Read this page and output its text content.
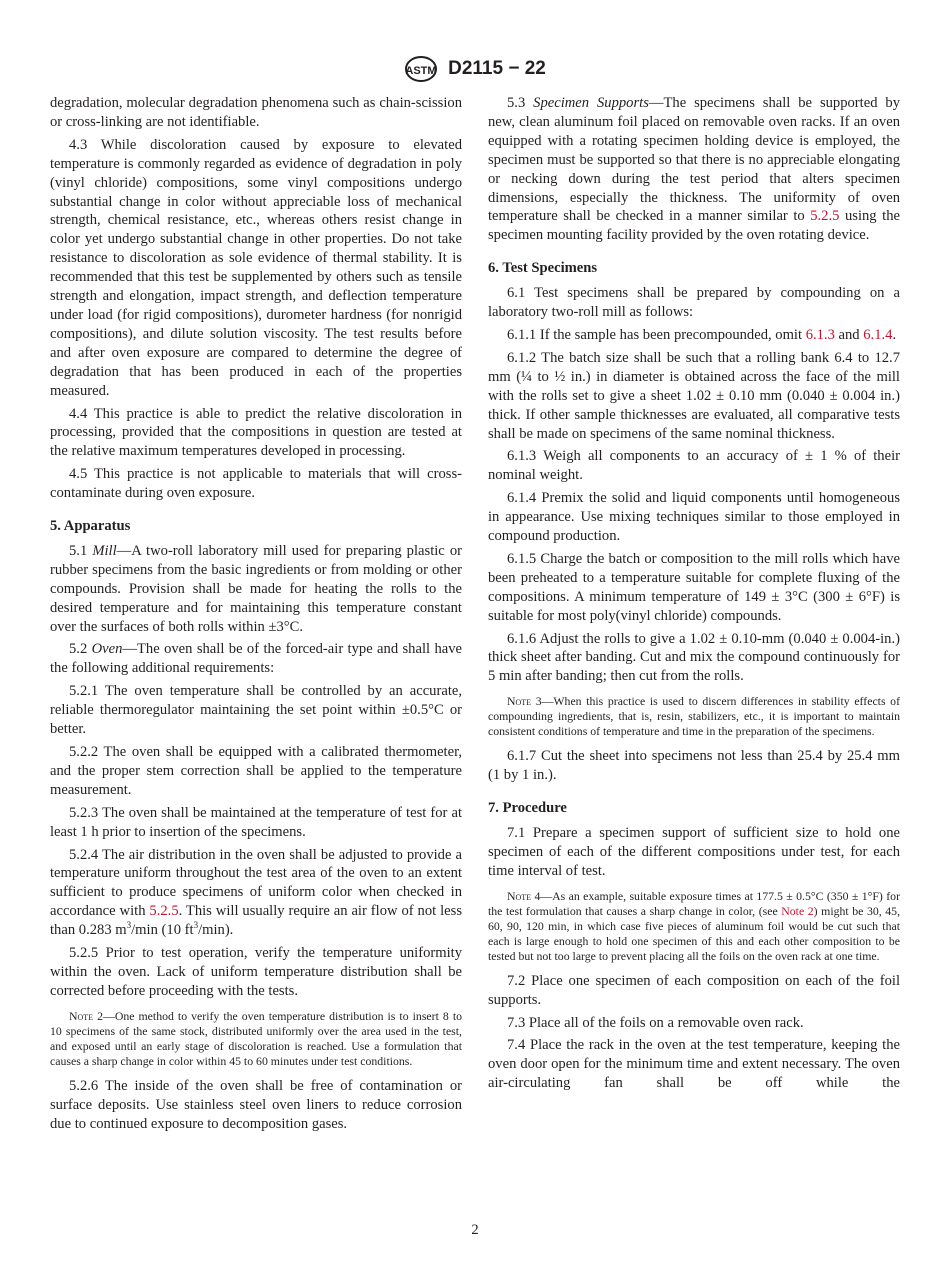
ASTM D2115 − 22
degradation, molecular degradation phenomena such as chain-scission or cross-linking are not identifiable.
4.3 While discoloration caused by exposure to elevated temperature is commonly regarded as evidence of degradation in poly (vinyl chloride) compositions, some vinyl compositions undergo substantial change in color without appreciable loss of mechanical strength, chemical resistance, etc., whereas others resist change in color yet undergo substantial change in other properties. Do not take resistance to discoloration as sole evidence of thermal stability. It is recommended that this test be supplemented by others such as tensile strength and elongation, impact strength, and deflection temperature under load (for rigid compositions), durometer hardness (for nonrigid compositions), and dilute solution viscosity. The test results before and after oven exposure are compared to determine the degree of degradation that has been produced in each of the properties measured.
4.4 This practice is able to predict the relative discoloration in processing, provided that the compositions in question are tested at the relative maximum temperatures developed in processing.
4.5 This practice is not applicable to materials that will cross-contaminate during oven exposure.
5. Apparatus
5.1 Mill—A two-roll laboratory mill used for preparing plastic or rubber specimens from the basic ingredients or from molding or other compounds. Provision shall be made for heating the rolls to the desired temperature and for maintaining this temperature constant over the surfaces of both rolls within ±3°C.
5.2 Oven—The oven shall be of the forced-air type and shall have the following additional requirements:
5.2.1 The oven temperature shall be controlled by an accurate, reliable thermoregulator maintaining the set point within ±0.5°C or better.
5.2.2 The oven shall be equipped with a calibrated thermometer, and the proper stem correction shall be applied to the temperature measurement.
5.2.3 The oven shall be maintained at the temperature of test for at least 1 h prior to insertion of the specimens.
5.2.4 The air distribution in the oven shall be adjusted to provide a temperature uniform throughout the test area of the oven to an extent sufficient to produce specimens of uniform color when checked in accordance with 5.2.5. This will usually require an air flow of not less than 0.283 $m^3/\min$ (10 $ft^3/\min$).
5.2.5 Prior to test operation, verify the temperature uniformity within the oven. Lack of uniform temperature distribution shall be corrected before proceeding with the tests.
Note 2—One method to verify the oven temperature distribution is to insert 8 to 10 specimens of the same stock, distributed uniformly over the area used in the test, and exposed until an early stage of discoloration is reached. Use a formulation that causes a sharp change in color within 45 to 60 minutes under test conditions.
5.2.6 The inside of the oven shall be free of contamination or surface deposits. Use stainless steel oven liners to reduce corrosion due to continued exposure to decomposition gases.
5.3 Specimen Supports—The specimens shall be supported by new, clean aluminum foil placed on removable oven racks. If an oven equipped with a rotating specimen holding device is employed, the specimen must be supported so that there is no appreciable elongating or necking down during the test period that alters specimen dimensions, especially the thickness. The uniformity of oven temperature shall be checked in a manner similar to 5.2.5 using the specimen mounting facility provided by the oven rotating device.
6. Test Specimens
6.1 Test specimens shall be prepared by compounding on a laboratory two-roll mill as follows:
6.1.1 If the sample has been precompounded, omit 6.1.3 and 6.1.4.
6.1.2 The batch size shall be such that a rolling bank 6.4 to 12.7 mm (¼ to ½ in.) in diameter is obtained across the face of the mill with the rolls set to give a sheet 1.02 ± 0.10 mm (0.040 ± 0.004 in.) thick. If other sample thicknesses are evaluated, all comparative tests shall be made on specimens of the same nominal thickness.
6.1.3 Weigh all components to an accuracy of ± 1 % of their nominal weight.
6.1.4 Premix the solid and liquid components until homogeneous in appearance. Use mixing techniques similar to those employed in compound production.
6.1.5 Charge the batch or composition to the mill rolls which have been preheated to a temperature suitable for complete fluxing of the compositions. A minimum temperature of 149 ± 3°C (300 ± 6°F) is suitable for most poly(vinyl chloride) compounds.
6.1.6 Adjust the rolls to give a 1.02 ± 0.10-mm (0.040 ± 0.004-in.) thick sheet after banding. Cut and mix the compound continuously for 5 min after banding; then cut from the rolls.
Note 3—When this practice is used to discern differences in stability effects of compounding ingredients, that is, resin, stabilizers, etc., it is important to maintain consistent conditions of temperature and time in the preparation of the specimens.
6.1.7 Cut the sheet into specimens not less than 25.4 by 25.4 mm (1 by 1 in.).
7. Procedure
7.1 Prepare a specimen support of sufficient size to hold one specimen of each of the different compositions under test, for each time interval of test.
Note 4—As an example, suitable exposure times at 177.5 ± 0.5°C (350 ± 1°F) for the test formulation that causes a sharp change in color, (see Note 2) might be 30, 45, 60, 90, 120 min, in which case five pieces of aluminum foil would be cut such that each is large enough to hold one specimen of this and each other composition to be tested but not too large to prevent placing all the foils on the oven rack at one time.
7.2 Place one specimen of each composition on each of the foil supports.
7.3 Place all of the foils on a removable oven rack.
7.4 Place the rack in the oven at the test temperature, keeping the oven door open for the minimum time and extent necessary. The oven air-circulating fan shall be off while the
2
